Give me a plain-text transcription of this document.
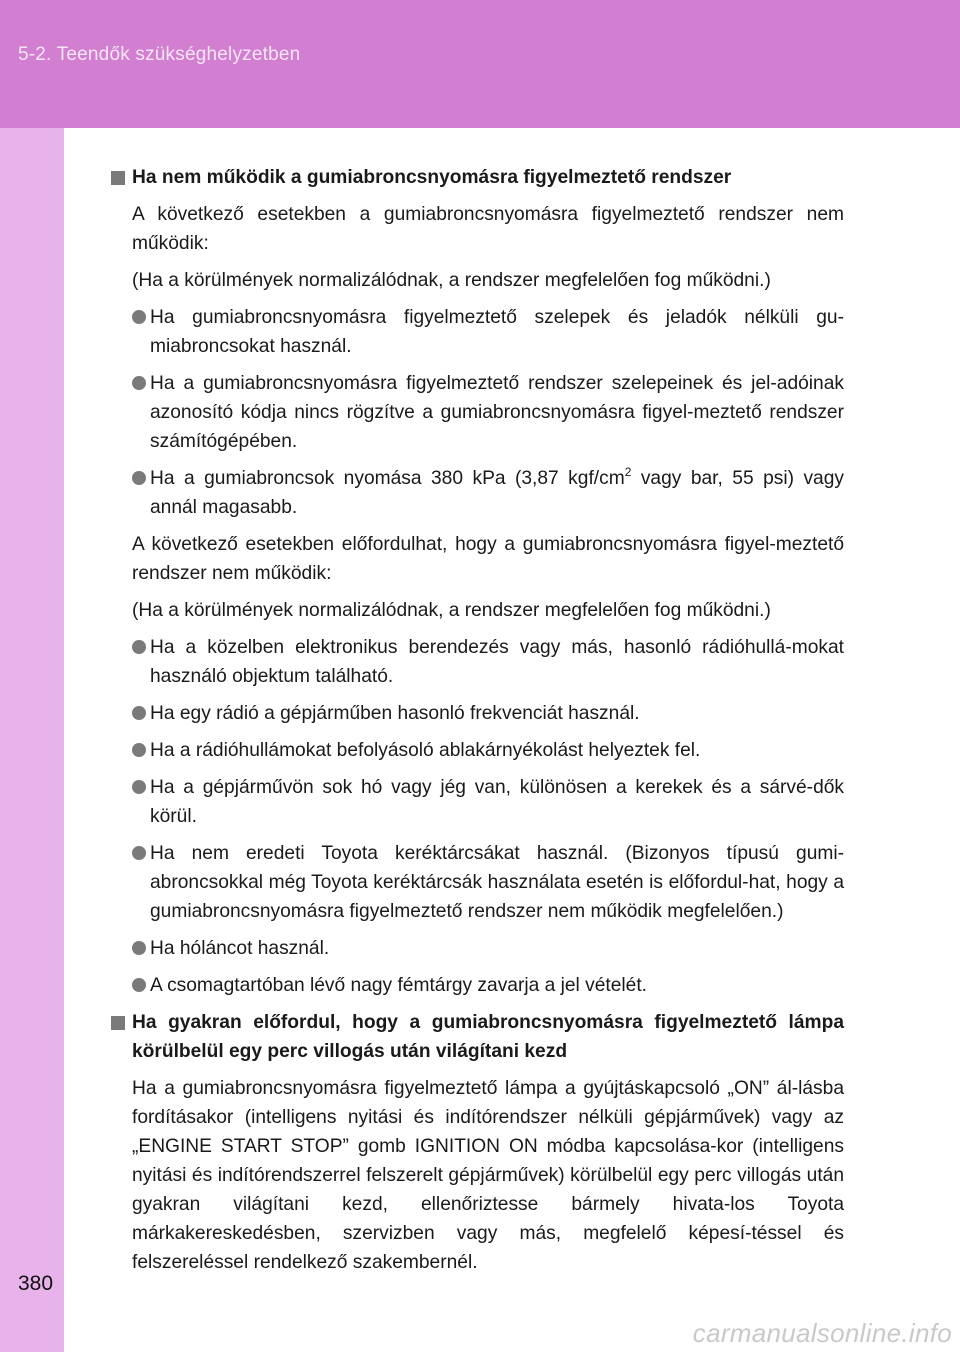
5-2. Teendők szükséghelyzetben
Ha nem működik a gumiabroncsnyomásra figyelmeztető rendszer
A következő esetekben a gumiabroncsnyomásra figyelmeztető rendszer nem működik:
(Ha a körülmények normalizálódnak, a rendszer megfelelően fog működni.)
Ha gumiabroncsnyomásra figyelmeztető szelepek és jeladók nélküli gu-miabroncsokat használ.
Ha a gumiabroncsnyomásra figyelmeztető rendszer szelepeinek és jel-adóinak azonosító kódja nincs rögzítve a gumiabroncsnyomásra figyel-meztető rendszer számítógépében.
Ha a gumiabroncsok nyomása 380 kPa (3,87 kgf/$cm^2$ vagy bar, 55 psi) vagy annál magasabb.
A következő esetekben előfordulhat, hogy a gumiabroncsnyomásra figyel-meztető rendszer nem működik:
(Ha a körülmények normalizálódnak, a rendszer megfelelően fog működni.)
Ha a közelben elektronikus berendezés vagy más, hasonló rádióhullá-mokat használó objektum található.
Ha egy rádió a gépjárműben hasonló frekvenciát használ.
Ha a rádióhullámokat befolyásoló ablakárnyékolást helyeztek fel.
Ha a gépjárművön sok hó vagy jég van, különösen a kerekek és a sárvé-dők körül.
Ha nem eredeti Toyota keréktárcsákat használ. (Bizonyos típusú gumi-abroncsokkal még Toyota keréktárcsák használata esetén is előfordul-hat, hogy a gumiabroncsnyomásra figyelmeztető rendszer nem működik megfelelően.)
Ha hóláncot használ.
A csomagtartóban lévő nagy fémtárgy zavarja a jel vételét.
Ha gyakran előfordul, hogy a gumiabroncsnyomásra figyelmeztető lámpa körülbelül egy perc villogás után világítani kezd
Ha a gumiabroncsnyomásra figyelmeztető lámpa a gyújtáskapcsoló „ON” ál-lásba fordításakor (intelligens nyitási és indítórendszer nélküli gépjárművek) vagy az „ENGINE START STOP” gomb IGNITION ON módba kapcsolása-kor (intelligens nyitási és indítórendszerrel felszerelt gépjárművek) körülbelül egy perc villogás után gyakran világítani kezd, ellenőriztesse bármely hivata-los Toyota márkakereskedésben, szervizben vagy más, megfelelő képesí-téssel és felszereléssel rendelkező szakembernél.
380
carmanualsonline.info
